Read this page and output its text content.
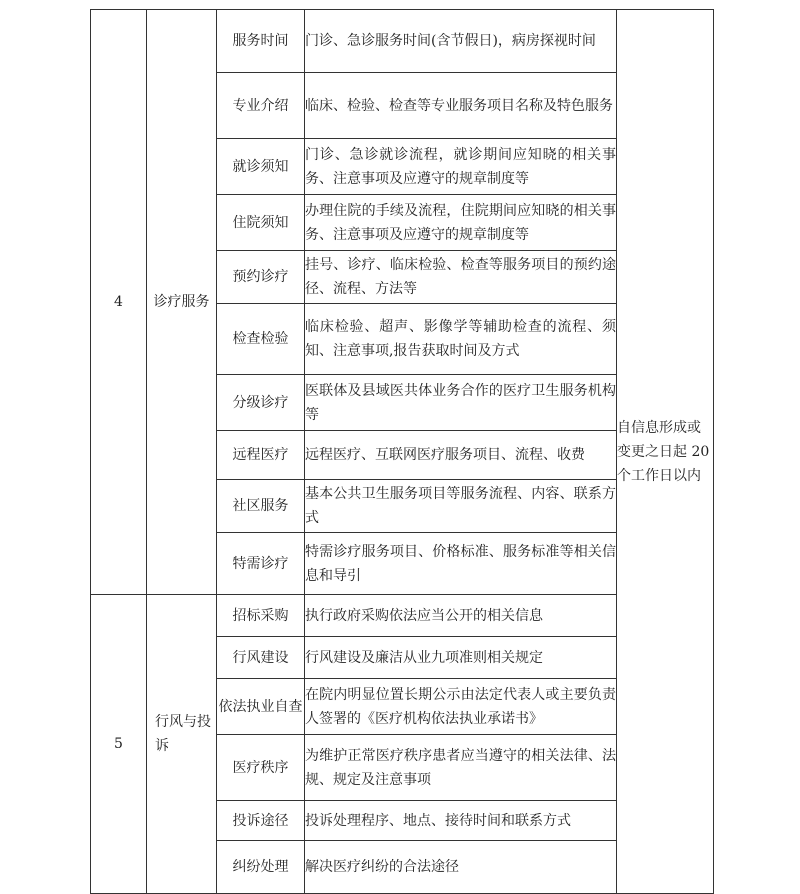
4	诊疗服务	服务时间	门诊、急诊服务时间(含节假日)，病房探视时间	自信息形成或变更之日起 20 个工作日以内
		专业介绍	临床、检验、检查等专业服务项目名称及特色服务	
		就诊须知	门诊、急诊就诊流程，就诊期间应知晓的相关事务、注意事项及应遵守的规章制度等	
		住院须知	办理住院的手续及流程，住院期间应知晓的相关事务、注意事项及应遵守的规章制度等	
		预约诊疗	挂号、诊疗、临床检验、检查等服务项目的预约途径、流程、方法等	
		检查检验	临床检验、超声、影像学等辅助检查的流程、须知、注意事项,报告获取时间及方式	
		分级诊疗	医联体及县域医共体业务合作的医疗卫生服务机构等	
		远程医疗	远程医疗、互联网医疗服务项目、流程、收费	
		社区服务	基本公共卫生服务项目等服务流程、内容、联系方式	
		特需诊疗	特需诊疗服务项目、价格标准、服务标准等相关信息和导引	
5	行风与投诉	招标采购	执行政府采购依法应当公开的相关信息	
		行风建设	行风建设及廉洁从业九项准则相关规定	
		依法执业自查	在院内明显位置长期公示由法定代表人或主要负责人签署的《医疗机构依法执业承诺书》	
		医疗秩序	为维护正常医疗秩序患者应当遵守的相关法律、法规、规定及注意事项	
		投诉途径	投诉处理程序、地点、接待时间和联系方式	
		纠纷处理	解决医疗纠纷的合法途径	
